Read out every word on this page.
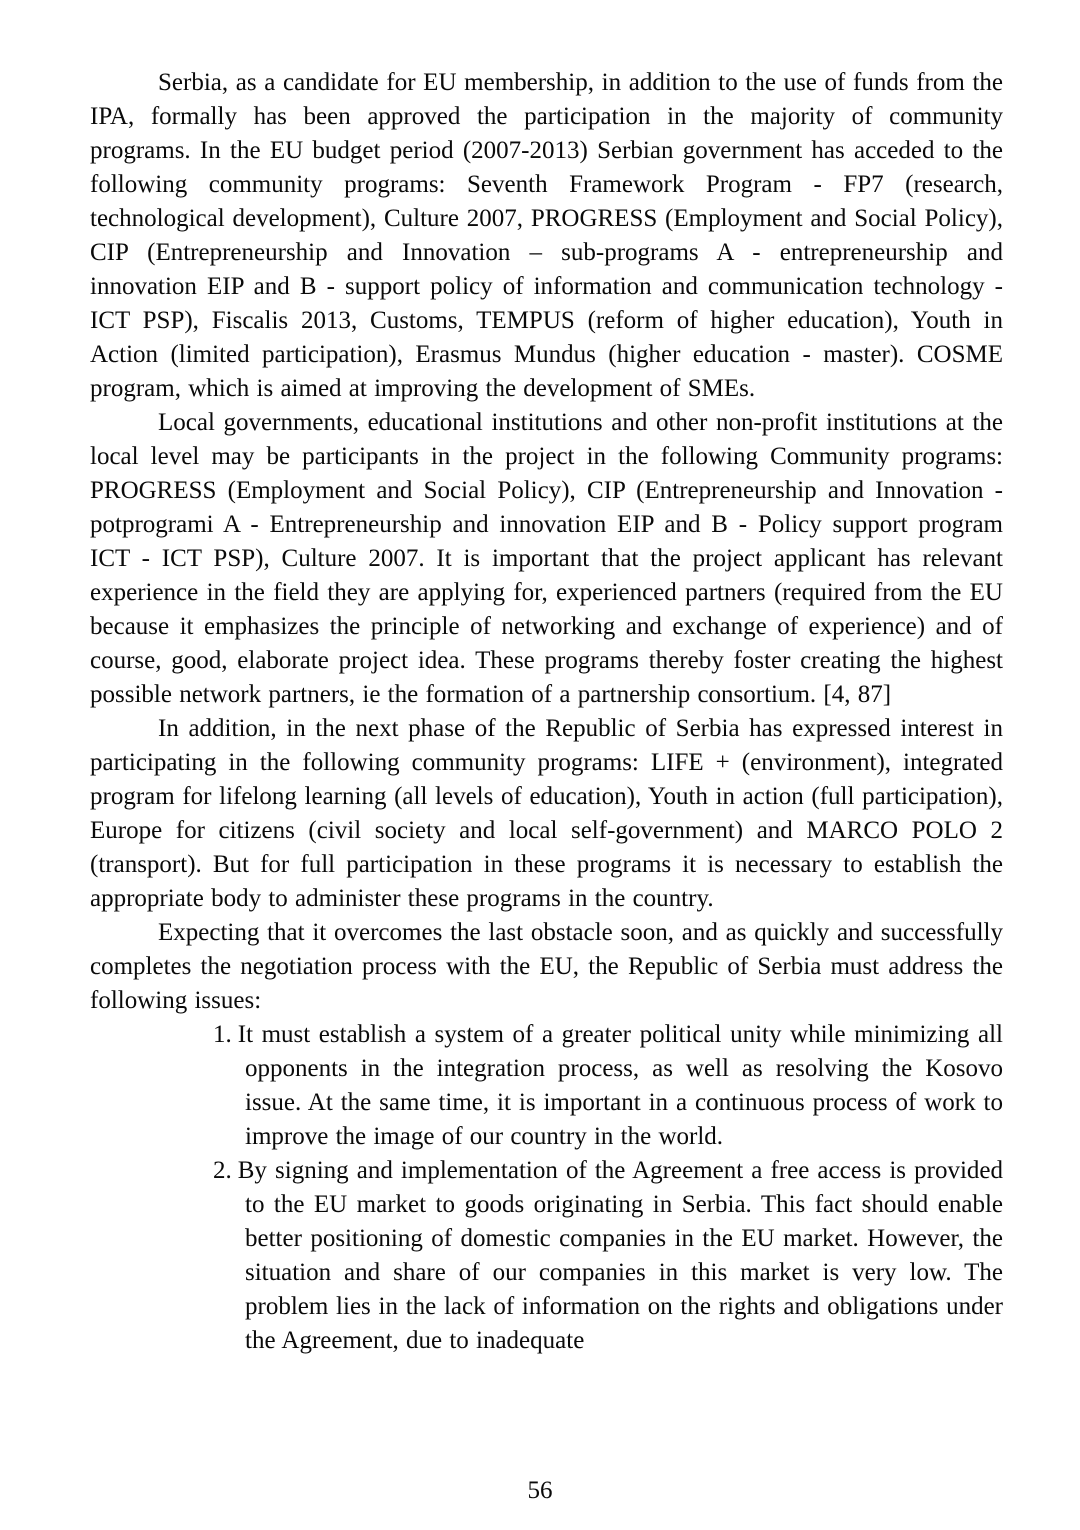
Serbia, as a candidate for EU membership, in addition to the use of funds from the IPA, formally has been approved the participation in the majority of community programs. In the EU budget period (2007-2013) Serbian government has acceded to the following community programs: Seventh Framework Program - FP7 (research, technological development), Culture 2007, PROGRESS (Employment and Social Policy), CIP (Entrepreneurship and Innovation – sub-programs A - entrepreneurship and innovation EIP and B - support policy of information and communication technology - ICT PSP), Fiscalis 2013, Customs, TEMPUS (reform of higher education), Youth in Action (limited participation), Erasmus Mundus (higher education - master). COSME program, which is aimed at improving the development of SMEs.

Local governments, educational institutions and other non-profit institutions at the local level may be participants in the project in the following Community programs: PROGRESS (Employment and Social Policy), CIP (Entrepreneurship and Innovation -potprogrami A - Entrepreneurship and innovation EIP and B - Policy support program ICT - ICT PSP), Culture 2007. It is important that the project applicant has relevant experience in the field they are applying for, experienced partners (required from the EU because it emphasizes the principle of networking and exchange of experience) and of course, good, elaborate project idea. These programs thereby foster creating the highest possible network partners, ie the formation of a partnership consortium. [4, 87]

In addition, in the next phase of the Republic of Serbia has expressed interest in participating in the following community programs: LIFE + (environment), integrated program for lifelong learning (all levels of education), Youth in action (full participation), Europe for citizens (civil society and local self-government) and MARCO POLO 2 (transport). But for full participation in these programs it is necessary to establish the appropriate body to administer these programs in the country.

Expecting that it overcomes the last obstacle soon, and as quickly and successfully completes the negotiation process with the EU, the Republic of Serbia must address the following issues:

1. It must establish a system of a greater political unity while minimizing all opponents in the integration process, as well as resolving the Kosovo issue. At the same time, it is important in a continuous process of work to improve the image of our country in the world.
2. By signing and implementation of the Agreement a free access is provided to the EU market to goods originating in Serbia. This fact should enable better positioning of domestic companies in the EU market. However, the situation and share of our companies in this market is very low. The problem lies in the lack of information on the rights and obligations under the Agreement, due to inadequate
56
